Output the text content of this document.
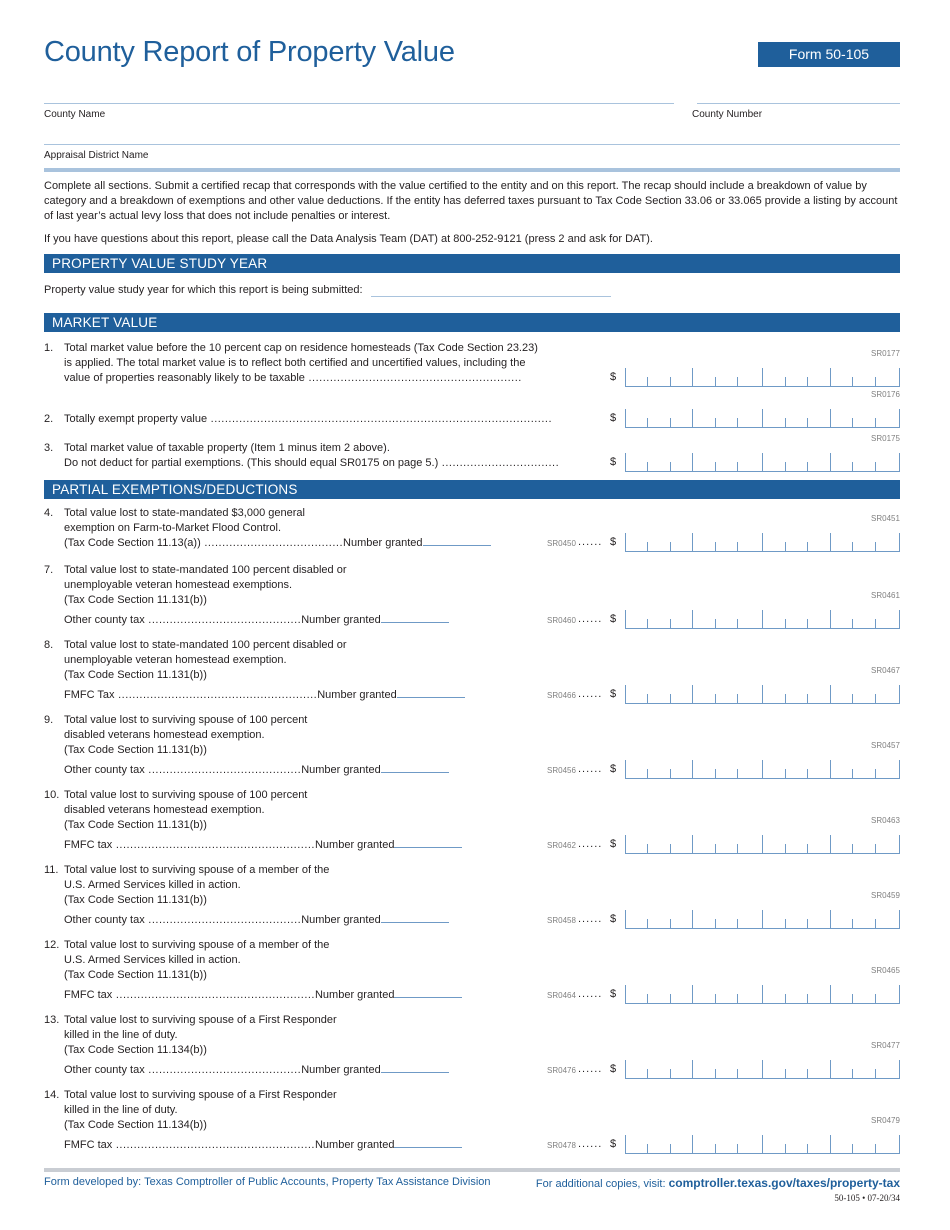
County Report of Property Value	Form 50-105
County Name	County Number
Appraisal District Name
Complete all sections. Submit a certified recap that corresponds with the value certified to the entity and on this report. The recap should include a breakdown of value by category and a breakdown of exemptions and other value deductions. If the entity has deferred taxes pursuant to Tax Code Section 33.06 or 33.065 provide a listing by account of last year’s actual levy loss that does not include penalties or interest.
If you have questions about this report, please call the Data Analysis Team (DAT) at 800-252-9121 (press 2 and ask for DAT).
PROPERTY VALUE STUDY YEAR
Property value study year for which this report is being submitted:
MARKET VALUE
1. Total market value before the 10 percent cap on residence homesteads (Tax Code Section 23.23)
is applied. The total market value is to reflect both certified and uncertified values, including the
value of properties reasonably likely to be taxable ............................................................	$
SR0177
2. Totally exempt property value ................................................................................................	$
SR0176
3. Total market value of taxable property (Item 1 minus item 2 above).
Do not deduct for partial exemptions. (This should equal SR0175 on page 5.) .................................	$
SR0175
PARTIAL EXEMPTIONS/DEDUCTIONS
4. Total value lost to state-mandated $3,000 general
exemption on Farm-to-Market Flood Control.
(Tax Code Section 11.13(a)) .......................................Number granted	SR0450 ...... $
SR0451
7. Total value lost to state-mandated 100 percent disabled or
unemployable veteran homestead exemptions.
(Tax Code Section 11.131(b))
Other county tax ...........................................Number granted	SR0460 ...... $
SR0461
8. Total value lost to state-mandated 100 percent disabled or
unemployable veteran homestead exemption.
(Tax Code Section 11.131(b))
FMFC Tax ........................................................Number granted	SR0466 ...... $
SR0467
9. Total value lost to surviving spouse of 100 percent
disabled veterans homestead exemption.
(Tax Code Section 11.131(b))
Other county tax ...........................................Number granted	SR0456 ...... $
SR0457
10. Total value lost to surviving spouse of 100 percent
disabled veterans homestead exemption.
(Tax Code Section 11.131(b))
FMFC tax ........................................................Number granted	SR0462 ...... $
SR0463
11. Total value lost to surviving spouse of a member of the
U.S. Armed Services killed in action.
(Tax Code Section 11.131(b))
Other county tax ...........................................Number granted	SR0458 ...... $
SR0459
12. Total value lost to surviving spouse of a member of the
U.S. Armed Services killed in action.
(Tax Code Section 11.131(b))
FMFC tax ........................................................Number granted	SR0464 ...... $
SR0465
13. Total value lost to surviving spouse of a First Responder
killed in the line of duty.
(Tax Code Section 11.134(b))
Other county tax ...........................................Number granted	SR0476 ...... $
SR0477
14. Total value lost to surviving spouse of a First Responder
killed in the line of duty.
(Tax Code Section 11.134(b))
FMFC tax ........................................................Number granted	SR0478 ...... $
SR0479
Form developed by: Texas Comptroller of Public Accounts, Property Tax Assistance Division	For additional copies, visit: comptroller.texas.gov/taxes/property-tax
50-105 • 07-20/34
